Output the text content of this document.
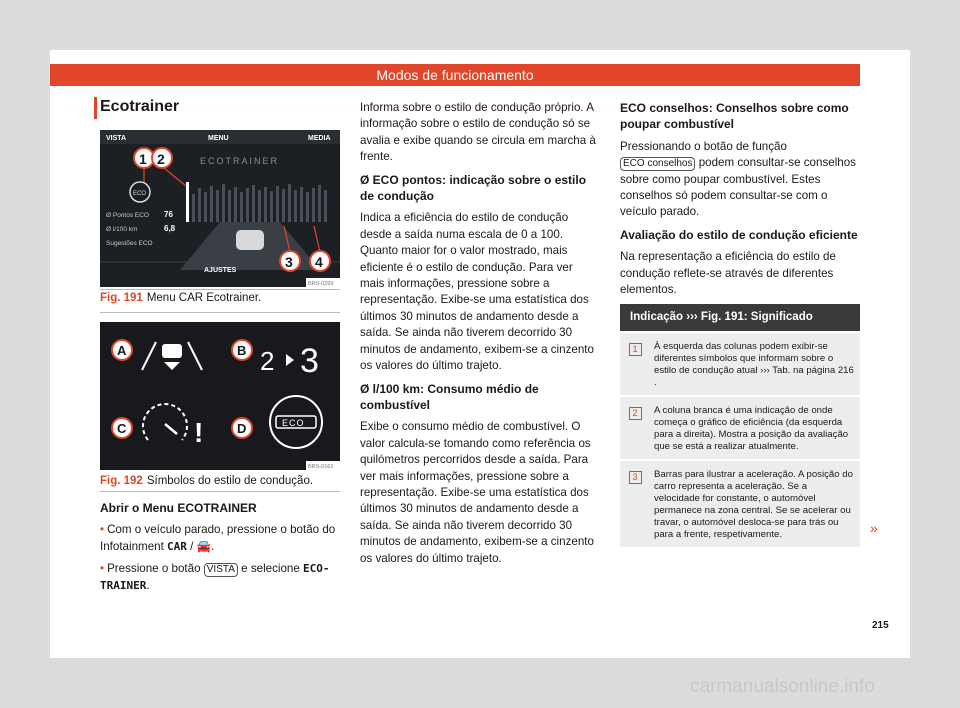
Modos de funcionamento
Ecotrainer
VISTA	MENU	MEDIA
ECOTRAINER
ECO
Ø Pontos ECO 76
Ø l/100 km	6,8
Sugestões ECO
AJUSTES
1 2
3 4
BRS-0299
Fig. 191 Menu CAR Ecotrainer.
2 3
!	ECO
A	B
C	D
BRS-0161
Fig. 192 Símbolos do estilo de condução.

Abrir o Menu ECOTRAINER

• Com o veículo parado, pressione o botão do Infotainment CAR / 🚘.

• Pressione o botão VISTA e selecione ECO-TRAINER.

Informa sobre o estilo de condução próprio. A informação sobre o estilo de condução só se avalia e exibe quando se circula em marcha à frente.

Ø ECO pontos: indicação sobre o estilo de condução

Indica a eficiência do estilo de condução desde a saída numa escala de 0 a 100. Quanto maior for o valor mostrado, mais eficiente é o estilo de condução. Para ver mais informações, pressione sobre a representação. Exibe-se uma estatística dos últimos 30 minutos de andamento desde a saída. Se ainda não tiverem decorrido 30 minutos de andamento, exibem-se a cinzento os valores do último trajeto.

Ø l/100 km: Consumo médio de combustível

Exibe o consumo médio de combustível. O valor calcula-se tomando como referência os quilómetros percorridos desde a saída. Para ver mais informações, pressione sobre a representação. Exibe-se uma estatística dos últimos 30 minutos de andamento desde a saída. Se ainda não tiverem decorrido 30 minutos de andamento, exibem-se a cinzento os valores do último trajeto.

ECO conselhos: Conselhos sobre como poupar combustível

Pressionando o botão de função ECO conselhos podem consultar-se conselhos sobre como poupar combustível. Estes conselhos só podem consultar-se com o veículo parado.

Avaliação do estilo de condução eficiente

Na representação a eficiência do estilo de condução reflete-se através de diferentes elementos.

Indicação ››› Fig. 191: Significado
1	À esquerda das colunas podem exibir-se diferentes símbolos que informam sobre o estilo de condução atual ››› Tab. na página 216 .
2	A coluna branca é uma indicação de onde começa o gráfico de eficiência (da esquerda para a direita). Mostra a posição da avaliação que se está a realizar atualmente.
3	Barras para ilustrar a aceleração. A posição do carro representa a aceleração. Se a velocidade for constante, o automóvel permanece na zona central. Se se acelerar ou travar, o automóvel desloca-se para trás ou para a frente, respetivamente.	»
215
carmanualsonline.info
